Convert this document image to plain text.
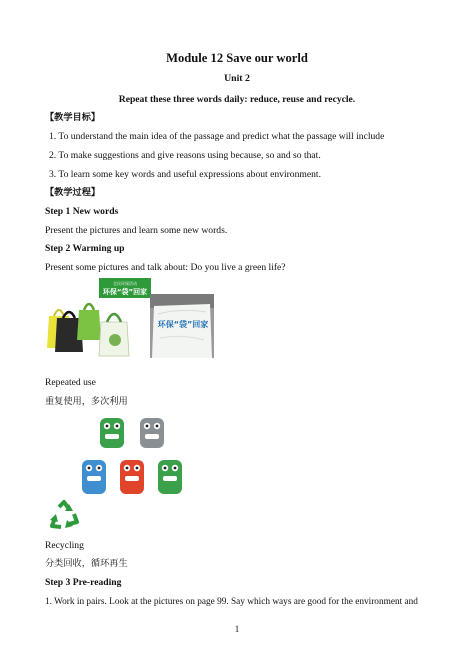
Module 12 Save our world
Unit 2
Repeat these three words daily: reduce, reuse and recycle.
【教学目标】
1. To understand the main idea of the passage and predict what the passage will include
2. To make suggestions and give reasons using because, so and so that.
3. To learn some key words and useful expressions about environment.
【教学过程】
Step 1 New words
Present the pictures and learn some new words.
Step 2 Warming up
Present some pictures and talk about: Do you live a green life?
全民环保活动
环保“袋”回家
环保“袋”回家
Repeated use
重复使用，多次利用
Recycling
分类回收，循环再生
Step 3 Pre-reading
1. Work in pairs. Look at the pictures on page 99. Say which ways are good for the environment and
1
